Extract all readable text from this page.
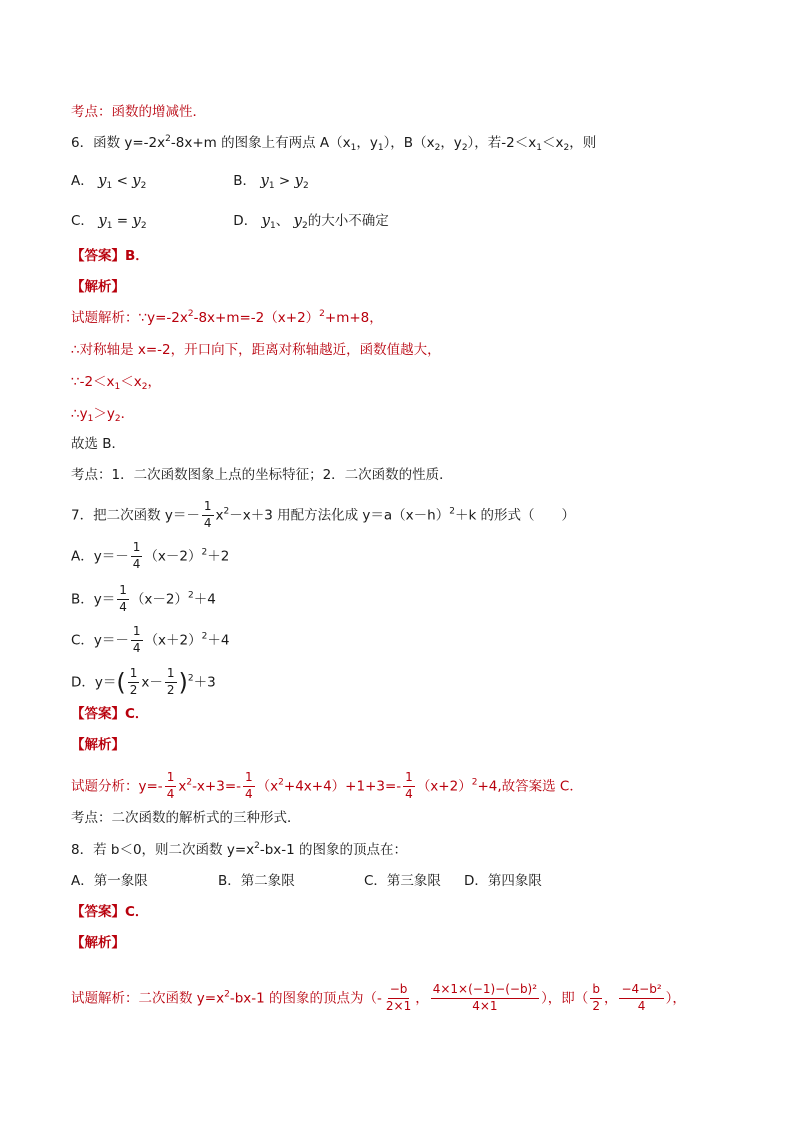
考点：函数的增减性．
6．函数 $y=-2x^2-8x+m$ 的图象上有两点 $A(x_1$，$y_1$），$B(x_2$，$y_2$），若$-2<x_1<x_2$，则
A． $y_1 < y_2$	B． $y_1 > y_2$
C． $y_1 = y_2$	D． $y_1$、 $y_2$的大小不确定
【答案】B．
【解析】
试题解析：$\because y=-2x^2-8x+m=-2(x+2)^2+m+8$，
∴对称轴是 x=-2，开口向下，距离对称轴越近，函数值越大，
$\because-2<x_1<x_2$，
$\therefore y_1>y_2$．
故选 B．
考点：1．二次函数图象上点的坐标特征；2．二次函数的性质．
7．把二次函数 $y=- \frac{1}{4} x^2-x+3$ 用配方法化成 $y=a(x-h)^2+k$ 的形式（　　）
A．$y=- \frac{1}{4} (x-2)^2+2$
B．$y= \frac{1}{4} (x-2)^2+4$
C．$y=- \frac{1}{4} (x+2)^2+4$
D．$y=( \frac{1}{2} x- \frac{1}{2} )^2+3$
【答案】C．
【解析】
试题分析：$y=- \frac{1}{4} x^2-x+3=- \frac{1}{4} (x^2+4x+4)+1+3=- \frac{1}{4} (x+2)^2+4$,故答案选 C．
考点：二次函数的解析式的三种形式．
8．若 b＜0，则二次函数 $y=x^2-bx-1$ 的图象的顶点在：
A．第一象限	B．第二象限	C．第三象限 D．第四象限
【答案】C．
【解析】
试题解析：二次函数 $y=x^2-bx-1$ 的图象的顶点为（- $\frac{-b}{2\times 1}$ ， $\frac{\text{4×1×(−1)−(−b)²}}{4\times 1}$ ），即（ $\frac{b}{2}$ ， $\frac{\text{−4−b²}}{4}$ ），
